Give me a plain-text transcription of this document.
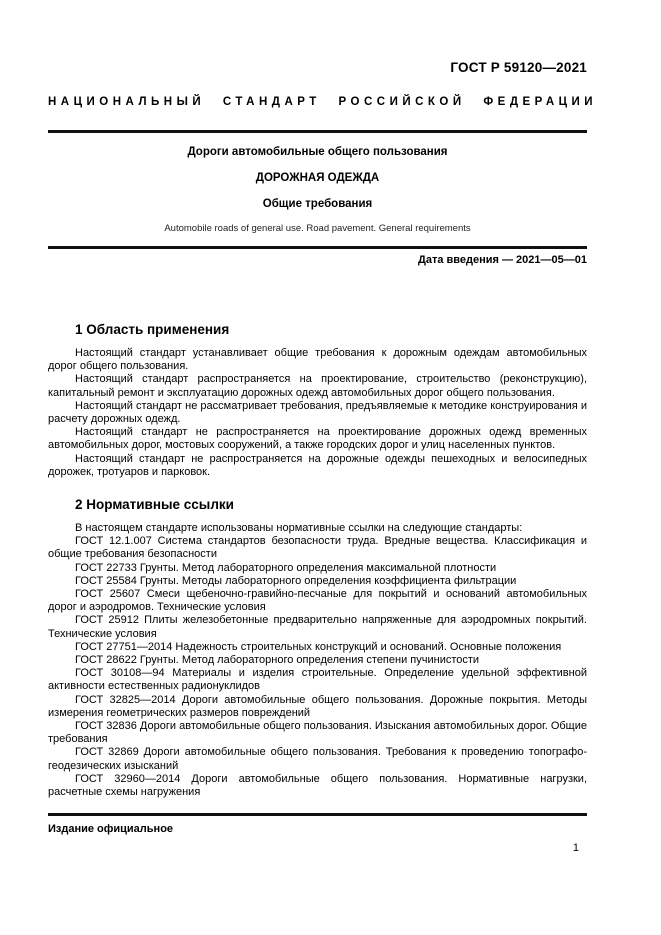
ГОСТ Р 59120—2021
НАЦИОНАЛЬНЫЙ СТАНДАРТ РОССИЙСКОЙ ФЕДЕРАЦИИ
Дороги автомобильные общего пользования
ДОРОЖНАЯ ОДЕЖДА
Общие требования
Automobile roads of general use. Road pavement. General requirements
Дата введения — 2021—05—01
1 Область применения

Настоящий стандарт устанавливает общие требования к дорожным одеждам автомобильных дорог общего пользования.

Настоящий стандарт распространяется на проектирование, строительство (реконструкцию), капитальный ремонт и эксплуатацию дорожных одежд автомобильных дорог общего пользования.

Настоящий стандарт не рассматривает требования, предъявляемые к методике конструирования и расчету дорожных одежд.

Настоящий стандарт не распространяется на проектирование дорожных одежд временных автомобильных дорог, мостовых сооружений, а также городских дорог и улиц населенных пунктов.

Настоящий стандарт не распространяется на дорожные одежды пешеходных и велосипедных дорожек, тротуаров и парковок.

2 Нормативные ссылки

В настоящем стандарте использованы нормативные ссылки на следующие стандарты:

ГОСТ 12.1.007 Система стандартов безопасности труда. Вредные вещества. Классификация и общие требования безопасности

ГОСТ 22733 Грунты. Метод лабораторного определения максимальной плотности

ГОСТ 25584 Грунты. Методы лабораторного определения коэффициента фильтрации

ГОСТ 25607 Смеси щебеночно-гравийно-песчаные для покрытий и оснований автомобильных дорог и аэродромов. Технические условия

ГОСТ 25912 Плиты железобетонные предварительно напряженные для аэродромных покрытий. Технические условия

ГОСТ 27751—2014 Надежность строительных конструкций и оснований. Основные положения

ГОСТ 28622 Грунты. Метод лабораторного определения степени пучинистости

ГОСТ 30108—94 Материалы и изделия строительные. Определение удельной эффективной активности естественных радионуклидов

ГОСТ 32825—2014 Дороги автомобильные общего пользования. Дорожные покрытия. Методы измерения геометрических размеров повреждений

ГОСТ 32836 Дороги автомобильные общего пользования. Изыскания автомобильных дорог. Общие требования

ГОСТ 32869 Дороги автомобильные общего пользования. Требования к проведению топографо-геодезических изысканий

ГОСТ 32960—2014 Дороги автомобильные общего пользования. Нормативные нагрузки, расчетные схемы нагружения

Издание официальное
1
